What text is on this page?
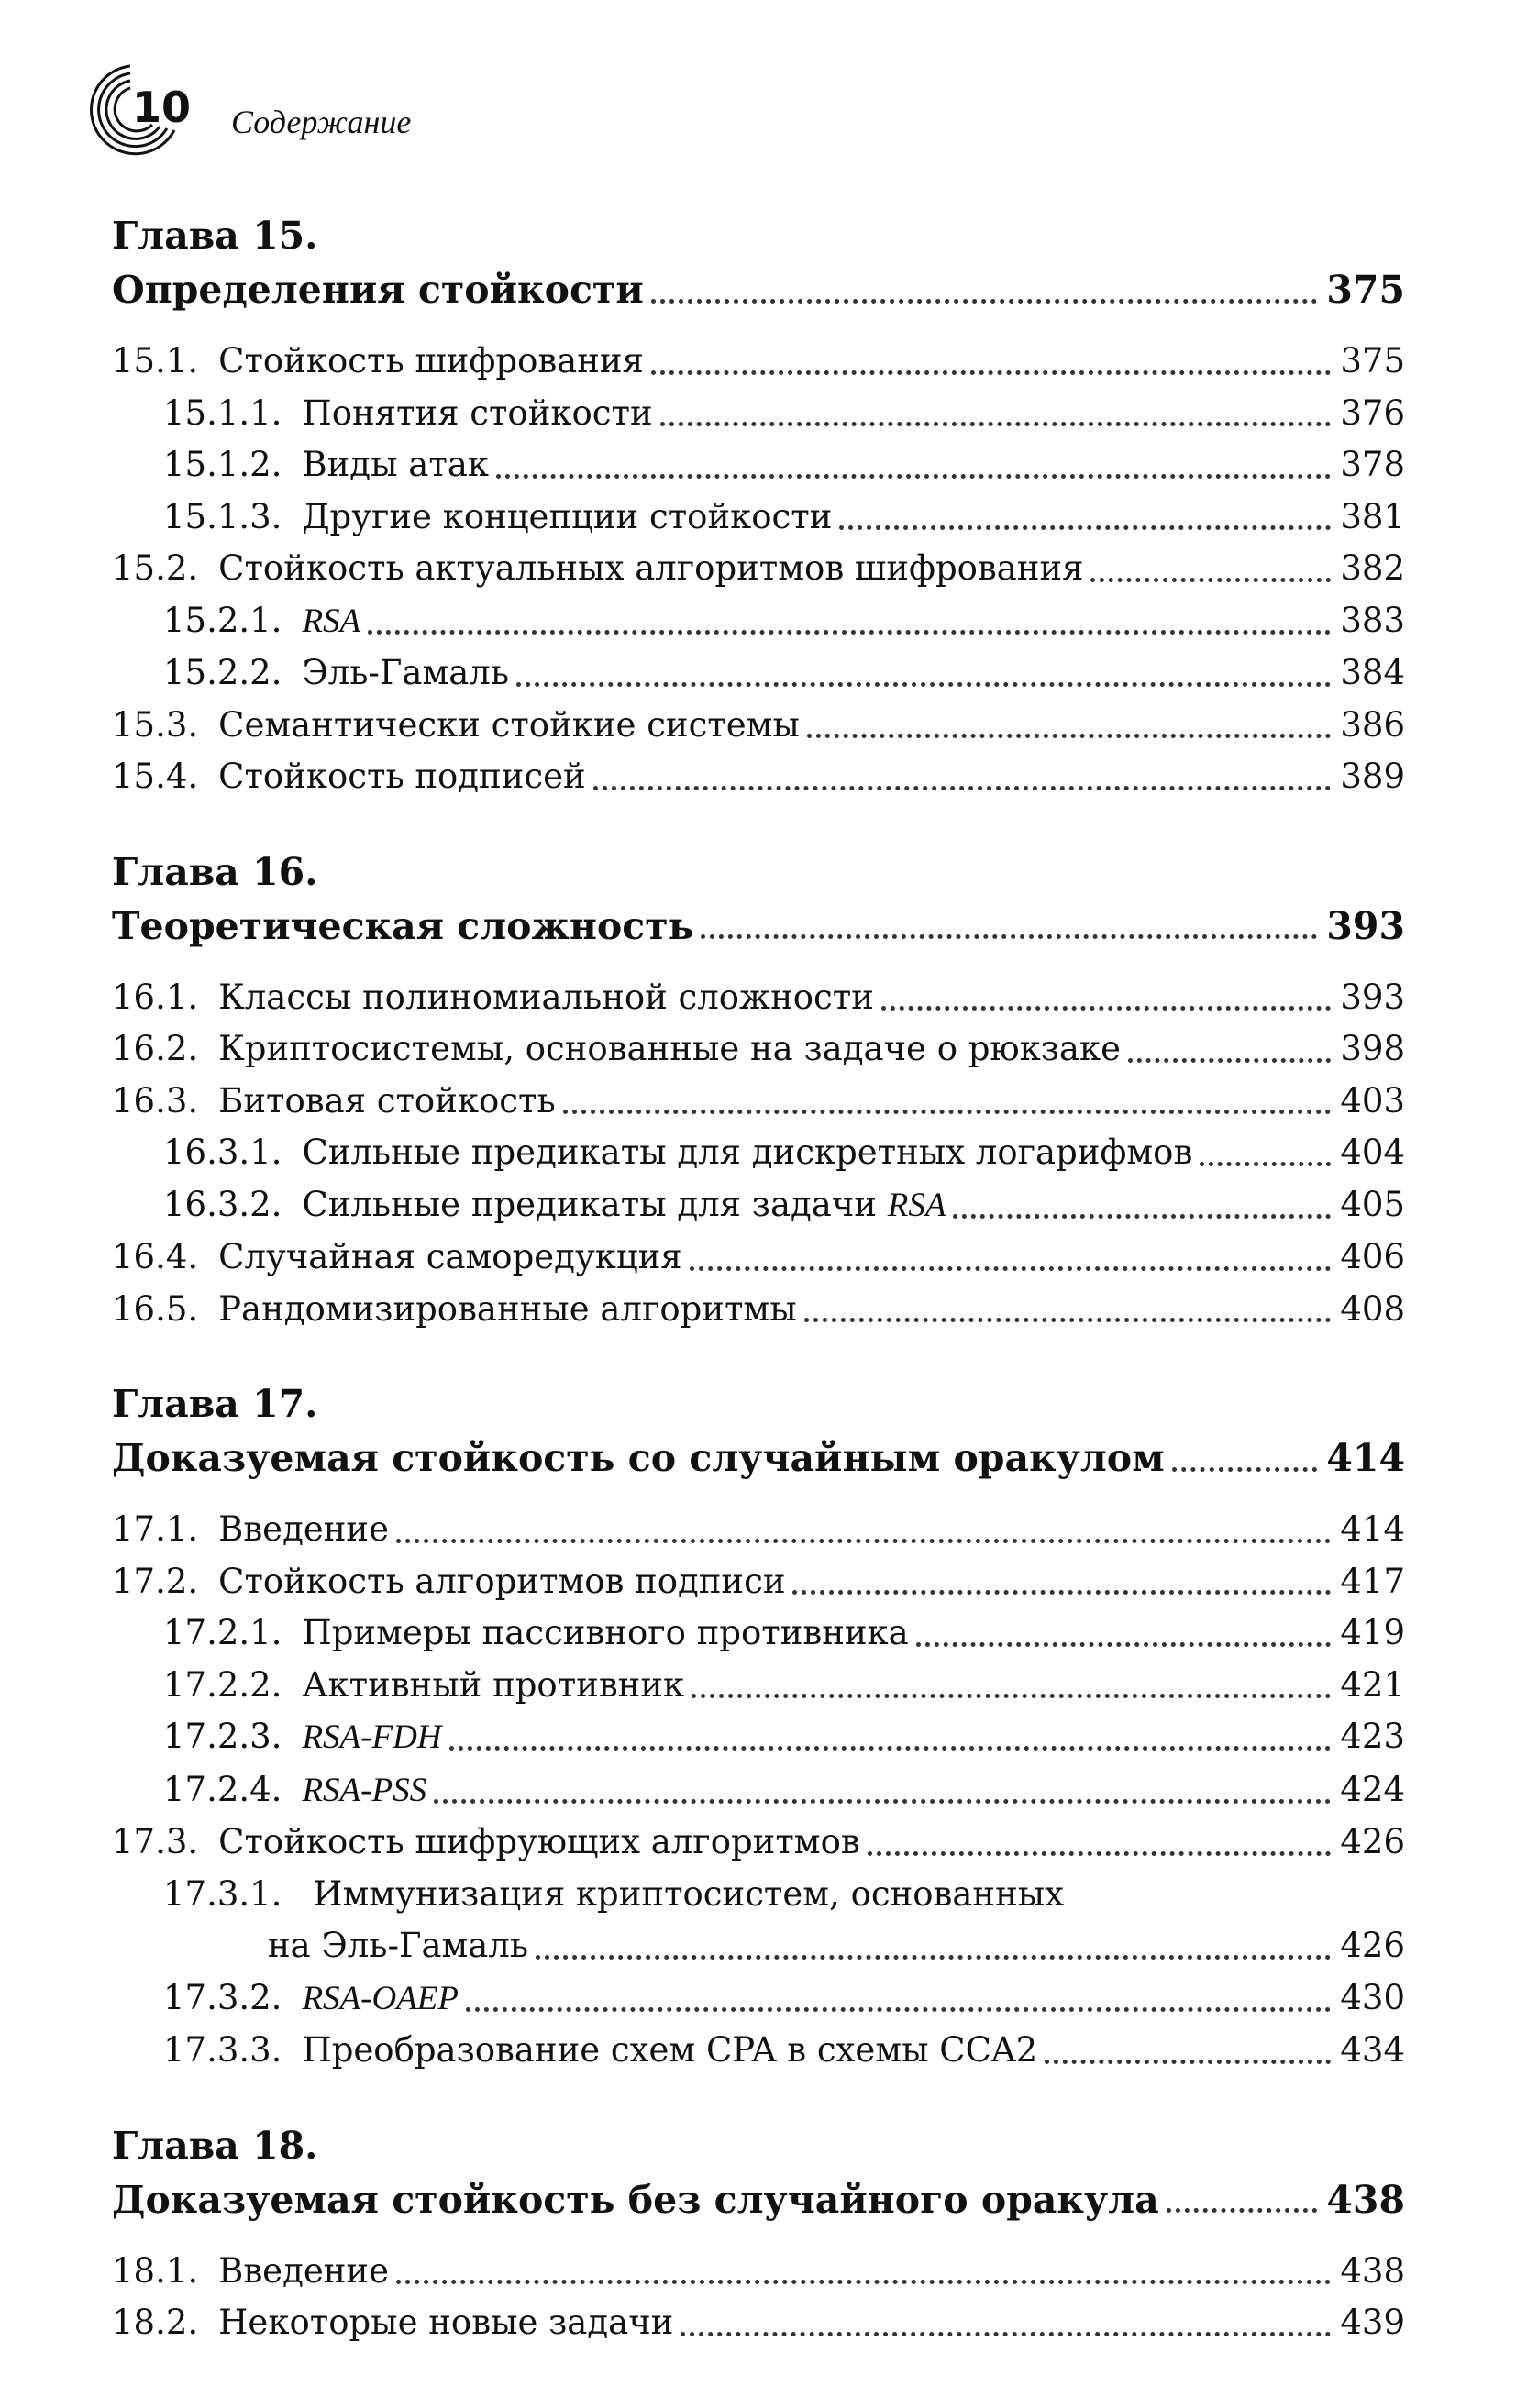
10 Содержание
Глава 15.
Определения стойкости	375
15.1. Стойкость шифрования	375
15.1.1. Понятия стойкости	376
15.1.2. Виды атак	378
15.1.3. Другие концепции стойкости	381
15.2. Стойкость актуальных алгоритмов шифрования	382
15.2.1. RSA	383
15.2.2. Эль-Гамаль	384
15.3. Семантически стойкие системы	386
15.4. Стойкость подписей	389
Глава 16.
Теоретическая сложность	393
16.1. Классы полиномиальной сложности	393
16.2. Криптосистемы, основанные на задаче о рюкзаке	398
16.3. Битовая стойкость	403
16.3.1. Сильные предикаты для дискретных логарифмов	404
16.3.2. Сильные предикаты для задачи RSA	405
16.4. Случайная саморедукция	406
16.5. Рандомизированные алгоритмы	408
Глава 17.
Доказуемая стойкость со случайным оракулом	414
17.1. Введение	414
17.2. Стойкость алгоритмов подписи	417
17.2.1. Примеры пассивного противника	419
17.2.2. Активный противник	421
17.2.3. RSA-FDH	423
17.2.4. RSA-PSS	424
17.3. Стойкость шифрующих алгоритмов	426
17.3.1. Иммунизация криптосистем, основанных
на Эль-Гамаль	426
17.3.2. RSA-OAEP	430
17.3.3. Преобразование схем CPA в схемы CCA2	434
Глава 18.
Доказуемая стойкость без случайного оракула	438
18.1. Введение	438
18.2. Некоторые новые задачи	439
